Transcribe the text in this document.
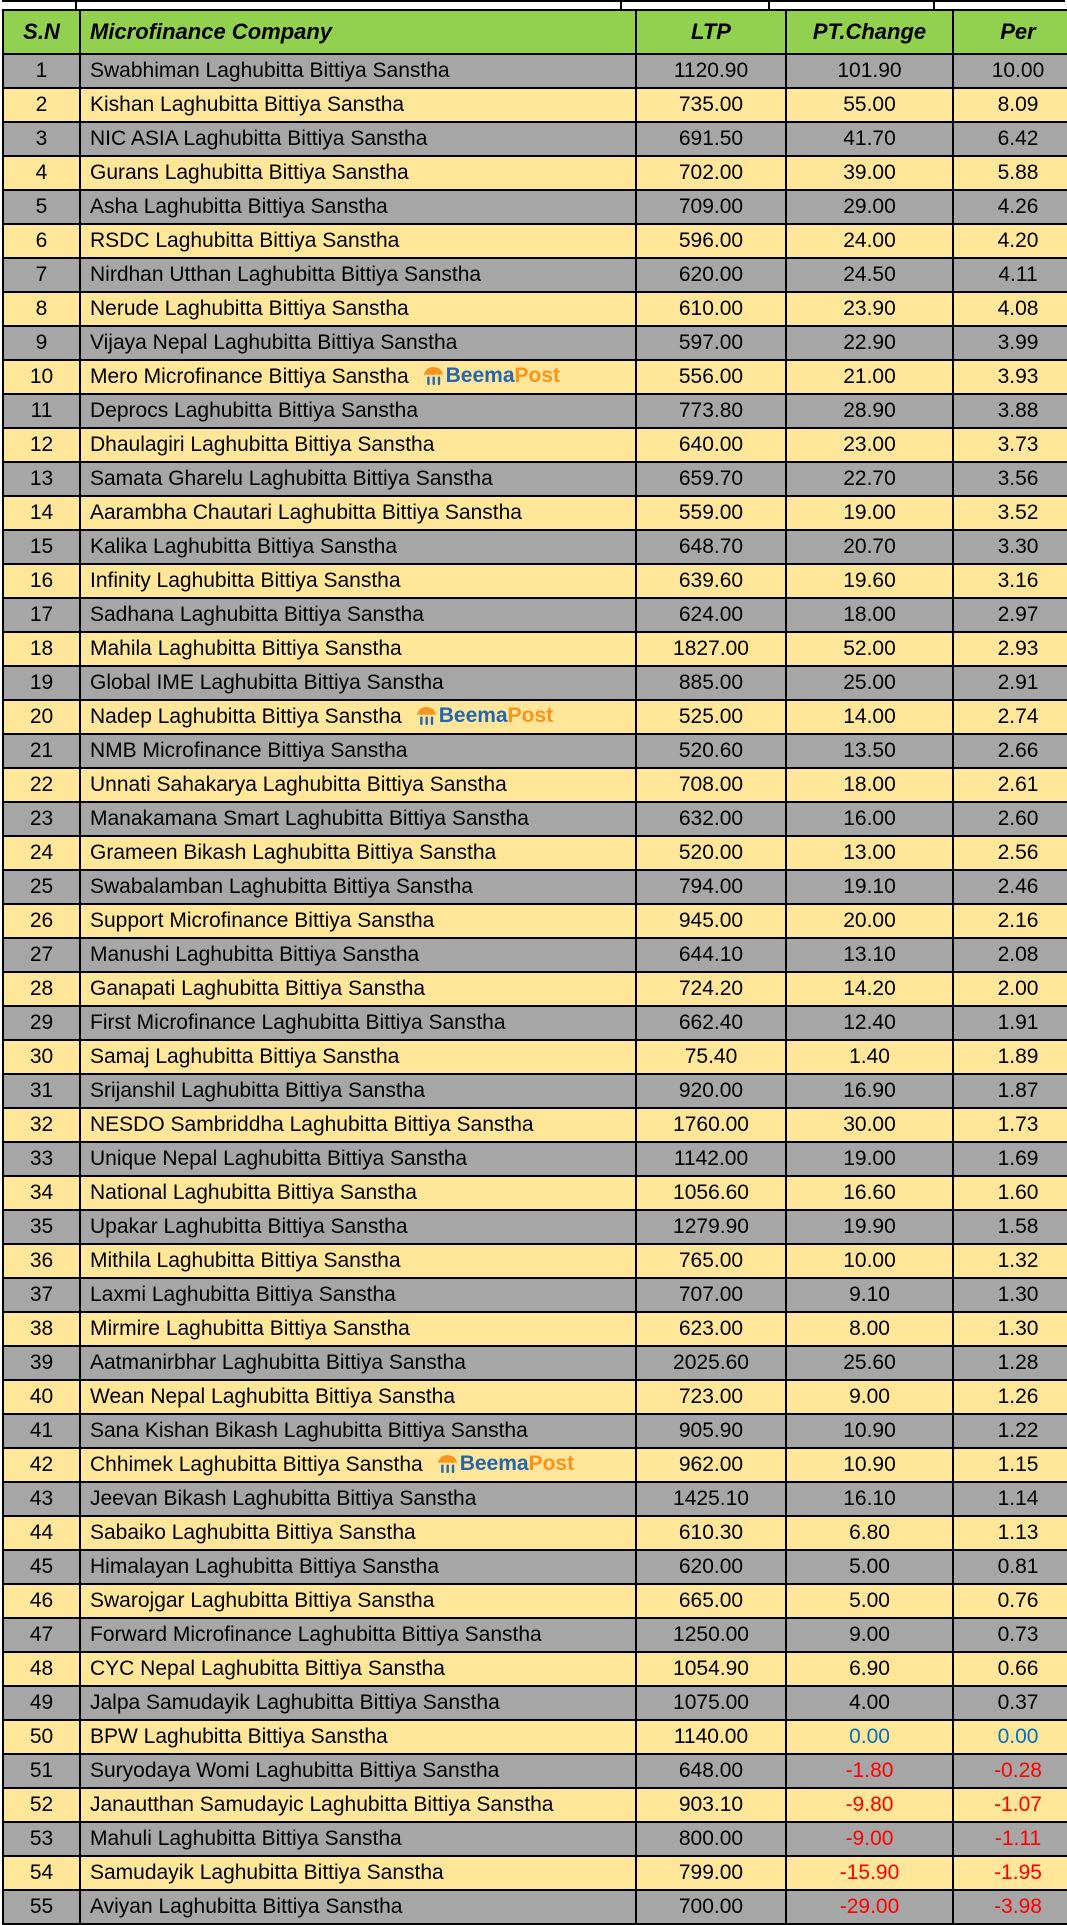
S.N	Microfinance Company	LTP	PT.Change	Per
1	Swabhiman Laghubitta Bittiya Sanstha	1120.90	101.90	10.00
2	Kishan Laghubitta Bittiya Sanstha	735.00	55.00	8.09
3	NIC ASIA Laghubitta Bittiya Sanstha	691.50	41.70	6.42
4	Gurans Laghubitta Bittiya Sanstha	702.00	39.00	5.88
5	Asha Laghubitta Bittiya Sanstha	709.00	29.00	4.26
6	RSDC Laghubitta Bittiya Sanstha	596.00	24.00	4.20
7	Nirdhan Utthan Laghubitta Bittiya Sanstha	620.00	24.50	4.11
8	Nerude Laghubitta Bittiya Sanstha	610.00	23.90	4.08
9	Vijaya Nepal Laghubitta Bittiya Sanstha	597.00	22.90	3.99
10	Mero Microfinance Bittiya Sanstha Beema Post	556.00	21.00	3.93
11	Deprocs Laghubitta Bittiya Sanstha	773.80	28.90	3.88
12	Dhaulagiri Laghubitta Bittiya Sanstha	640.00	23.00	3.73
13	Samata Gharelu Laghubitta Bittiya Sanstha	659.70	22.70	3.56
14	Aarambha Chautari Laghubitta Bittiya Sanstha	559.00	19.00	3.52
15	Kalika Laghubitta Bittiya Sanstha	648.70	20.70	3.30
16	Infinity Laghubitta Bittiya Sanstha	639.60	19.60	3.16
17	Sadhana Laghubitta Bittiya Sanstha	624.00	18.00	2.97
18	Mahila Laghubitta Bittiya Sanstha	1827.00	52.00	2.93
19	Global IME Laghubitta Bittiya Sanstha	885.00	25.00	2.91
20	Nadep Laghubitta Bittiya Sanstha Beema Post	525.00	14.00	2.74
21	NMB Microfinance Bittiya Sanstha	520.60	13.50	2.66
22	Unnati Sahakarya Laghubitta Bittiya Sanstha	708.00	18.00	2.61
23	Manakamana Smart Laghubitta Bittiya Sanstha	632.00	16.00	2.60
24	Grameen Bikash Laghubitta Bittiya Sanstha	520.00	13.00	2.56
25	Swabalamban Laghubitta Bittiya Sanstha	794.00	19.10	2.46
26	Support Microfinance Bittiya Sanstha	945.00	20.00	2.16
27	Manushi Laghubitta Bittiya Sanstha	644.10	13.10	2.08
28	Ganapati Laghubitta Bittiya Sanstha	724.20	14.20	2.00
29	First Microfinance Laghubitta Bittiya Sanstha	662.40	12.40	1.91
30	Samaj Laghubitta Bittiya Sanstha	75.40	1.40	1.89
31	Srijanshil Laghubitta Bittiya Sanstha	920.00	16.90	1.87
32	NESDO Sambriddha Laghubitta Bittiya Sanstha	1760.00	30.00	1.73
33	Unique Nepal Laghubitta Bittiya Sanstha	1142.00	19.00	1.69
34	National Laghubitta Bittiya Sanstha	1056.60	16.60	1.60
35	Upakar Laghubitta Bittiya Sanstha	1279.90	19.90	1.58
36	Mithila Laghubitta Bittiya Sanstha	765.00	10.00	1.32
37	Laxmi Laghubitta Bittiya Sanstha	707.00	9.10	1.30
38	Mirmire Laghubitta Bittiya Sanstha	623.00	8.00	1.30
39	Aatmanirbhar Laghubitta Bittiya Sanstha	2025.60	25.60	1.28
40	Wean Nepal Laghubitta Bittiya Sanstha	723.00	9.00	1.26
41	Sana Kishan Bikash Laghubitta Bittiya Sanstha	905.90	10.90	1.22
42	Chhimek Laghubitta Bittiya Sanstha Beema Post	962.00	10.90	1.15
43	Jeevan Bikash Laghubitta Bittiya Sanstha	1425.10	16.10	1.14
44	Sabaiko Laghubitta Bittiya Sanstha	610.30	6.80	1.13
45	Himalayan Laghubitta Bittiya Sanstha	620.00	5.00	0.81
46	Swarojgar Laghubitta Bittiya Sanstha	665.00	5.00	0.76
47	Forward Microfinance Laghubitta Bittiya Sanstha	1250.00	9.00	0.73
48	CYC Nepal Laghubitta Bittiya Sanstha	1054.90	6.90	0.66
49	Jalpa Samudayik Laghubitta Bittiya Sanstha	1075.00	4.00	0.37
50	BPW Laghubitta Bittiya Sanstha	1140.00	0.00	0.00
51	Suryodaya Womi Laghubitta Bittiya Sanstha	648.00	-1.80	-0.28
52	Janautthan Samudayic Laghubitta Bittiya Sanstha	903.10	-9.80	-1.07
53	Mahuli Laghubitta Bittiya Sanstha	800.00	-9.00	-1.11
54	Samudayik Laghubitta Bittiya Sanstha	799.00	-15.90	-1.95
55	Aviyan Laghubitta Bittiya Sanstha	700.00	-29.00	-3.98
